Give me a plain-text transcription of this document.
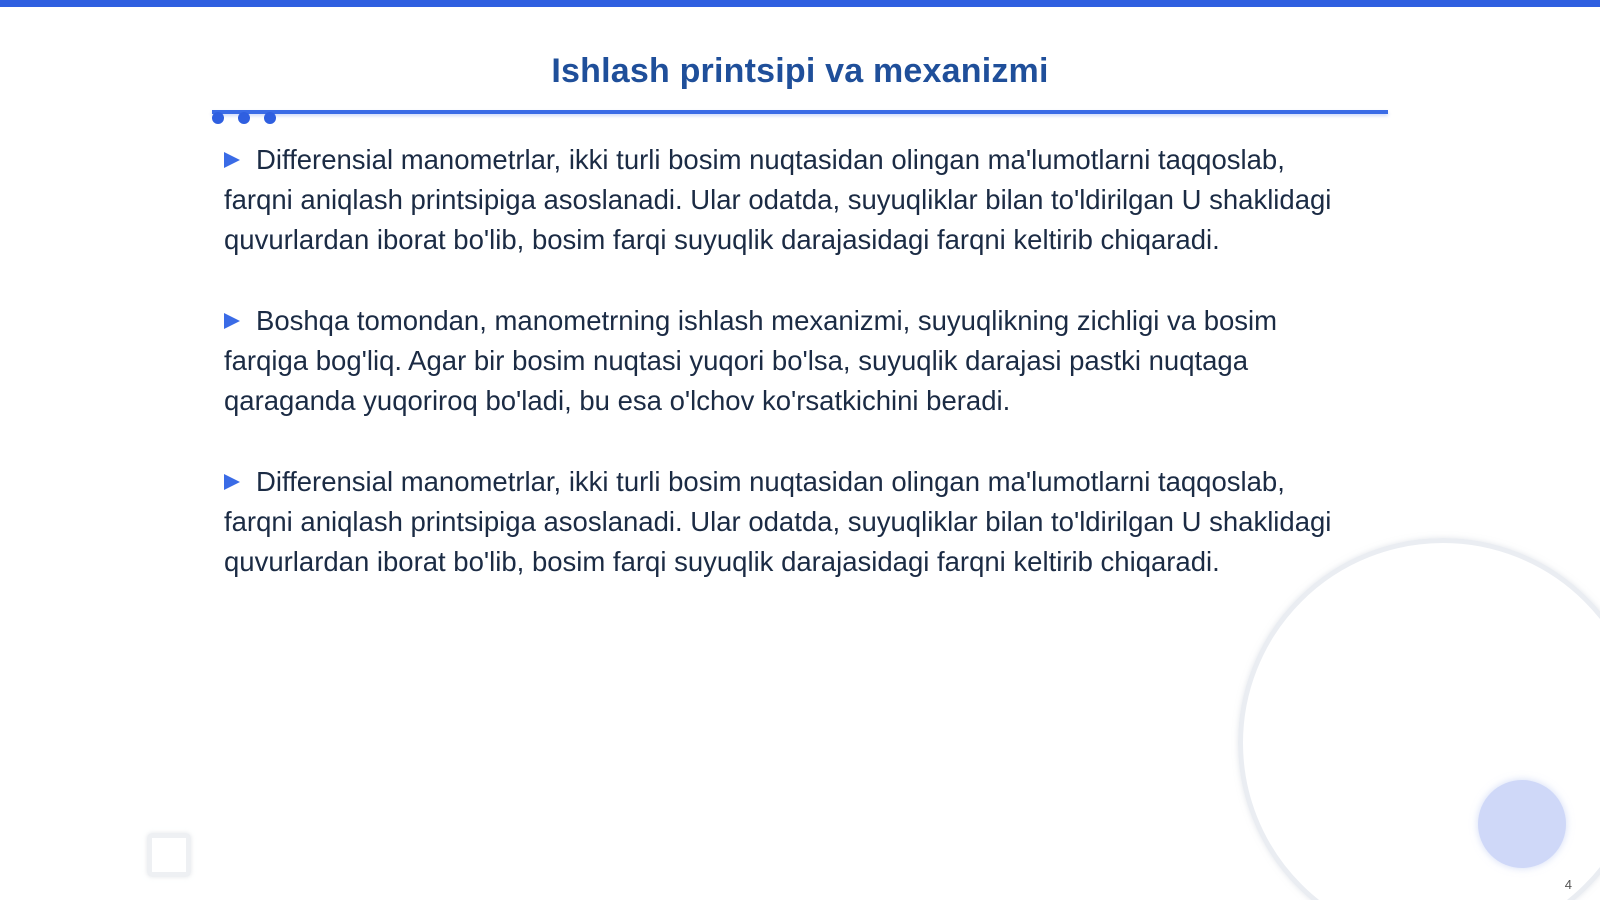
Ishlash printsipi va mexanizmi

Differensial manometrlar, ikki turli bosim nuqtasidan olingan ma'lumotlarni taqqoslab, farqni aniqlash printsipiga asoslanadi. Ular odatda, suyuqliklar bilan to'ldirilgan U shaklidagi quvurlardan iborat bo'lib, bosim farqi suyuqlik darajasidagi farqni keltirib chiqaradi.

Boshqa tomondan, manometrning ishlash mexanizmi, suyuqlikning zichligi va bosim farqiga bog'liq. Agar bir bosim nuqtasi yuqori bo'lsa, suyuqlik darajasi pastki nuqtaga qaraganda yuqoriroq bo'ladi, bu esa o'lchov ko'rsatkichini beradi.

Differensial manometrlar, ikki turli bosim nuqtasidan olingan ma'lumotlarni taqqoslab, farqni aniqlash printsipiga asoslanadi. Ular odatda, suyuqliklar bilan to'ldirilgan U shaklidagi quvurlardan iborat bo'lib, bosim farqi suyuqlik darajasidagi farqni keltirib chiqaradi.

4
